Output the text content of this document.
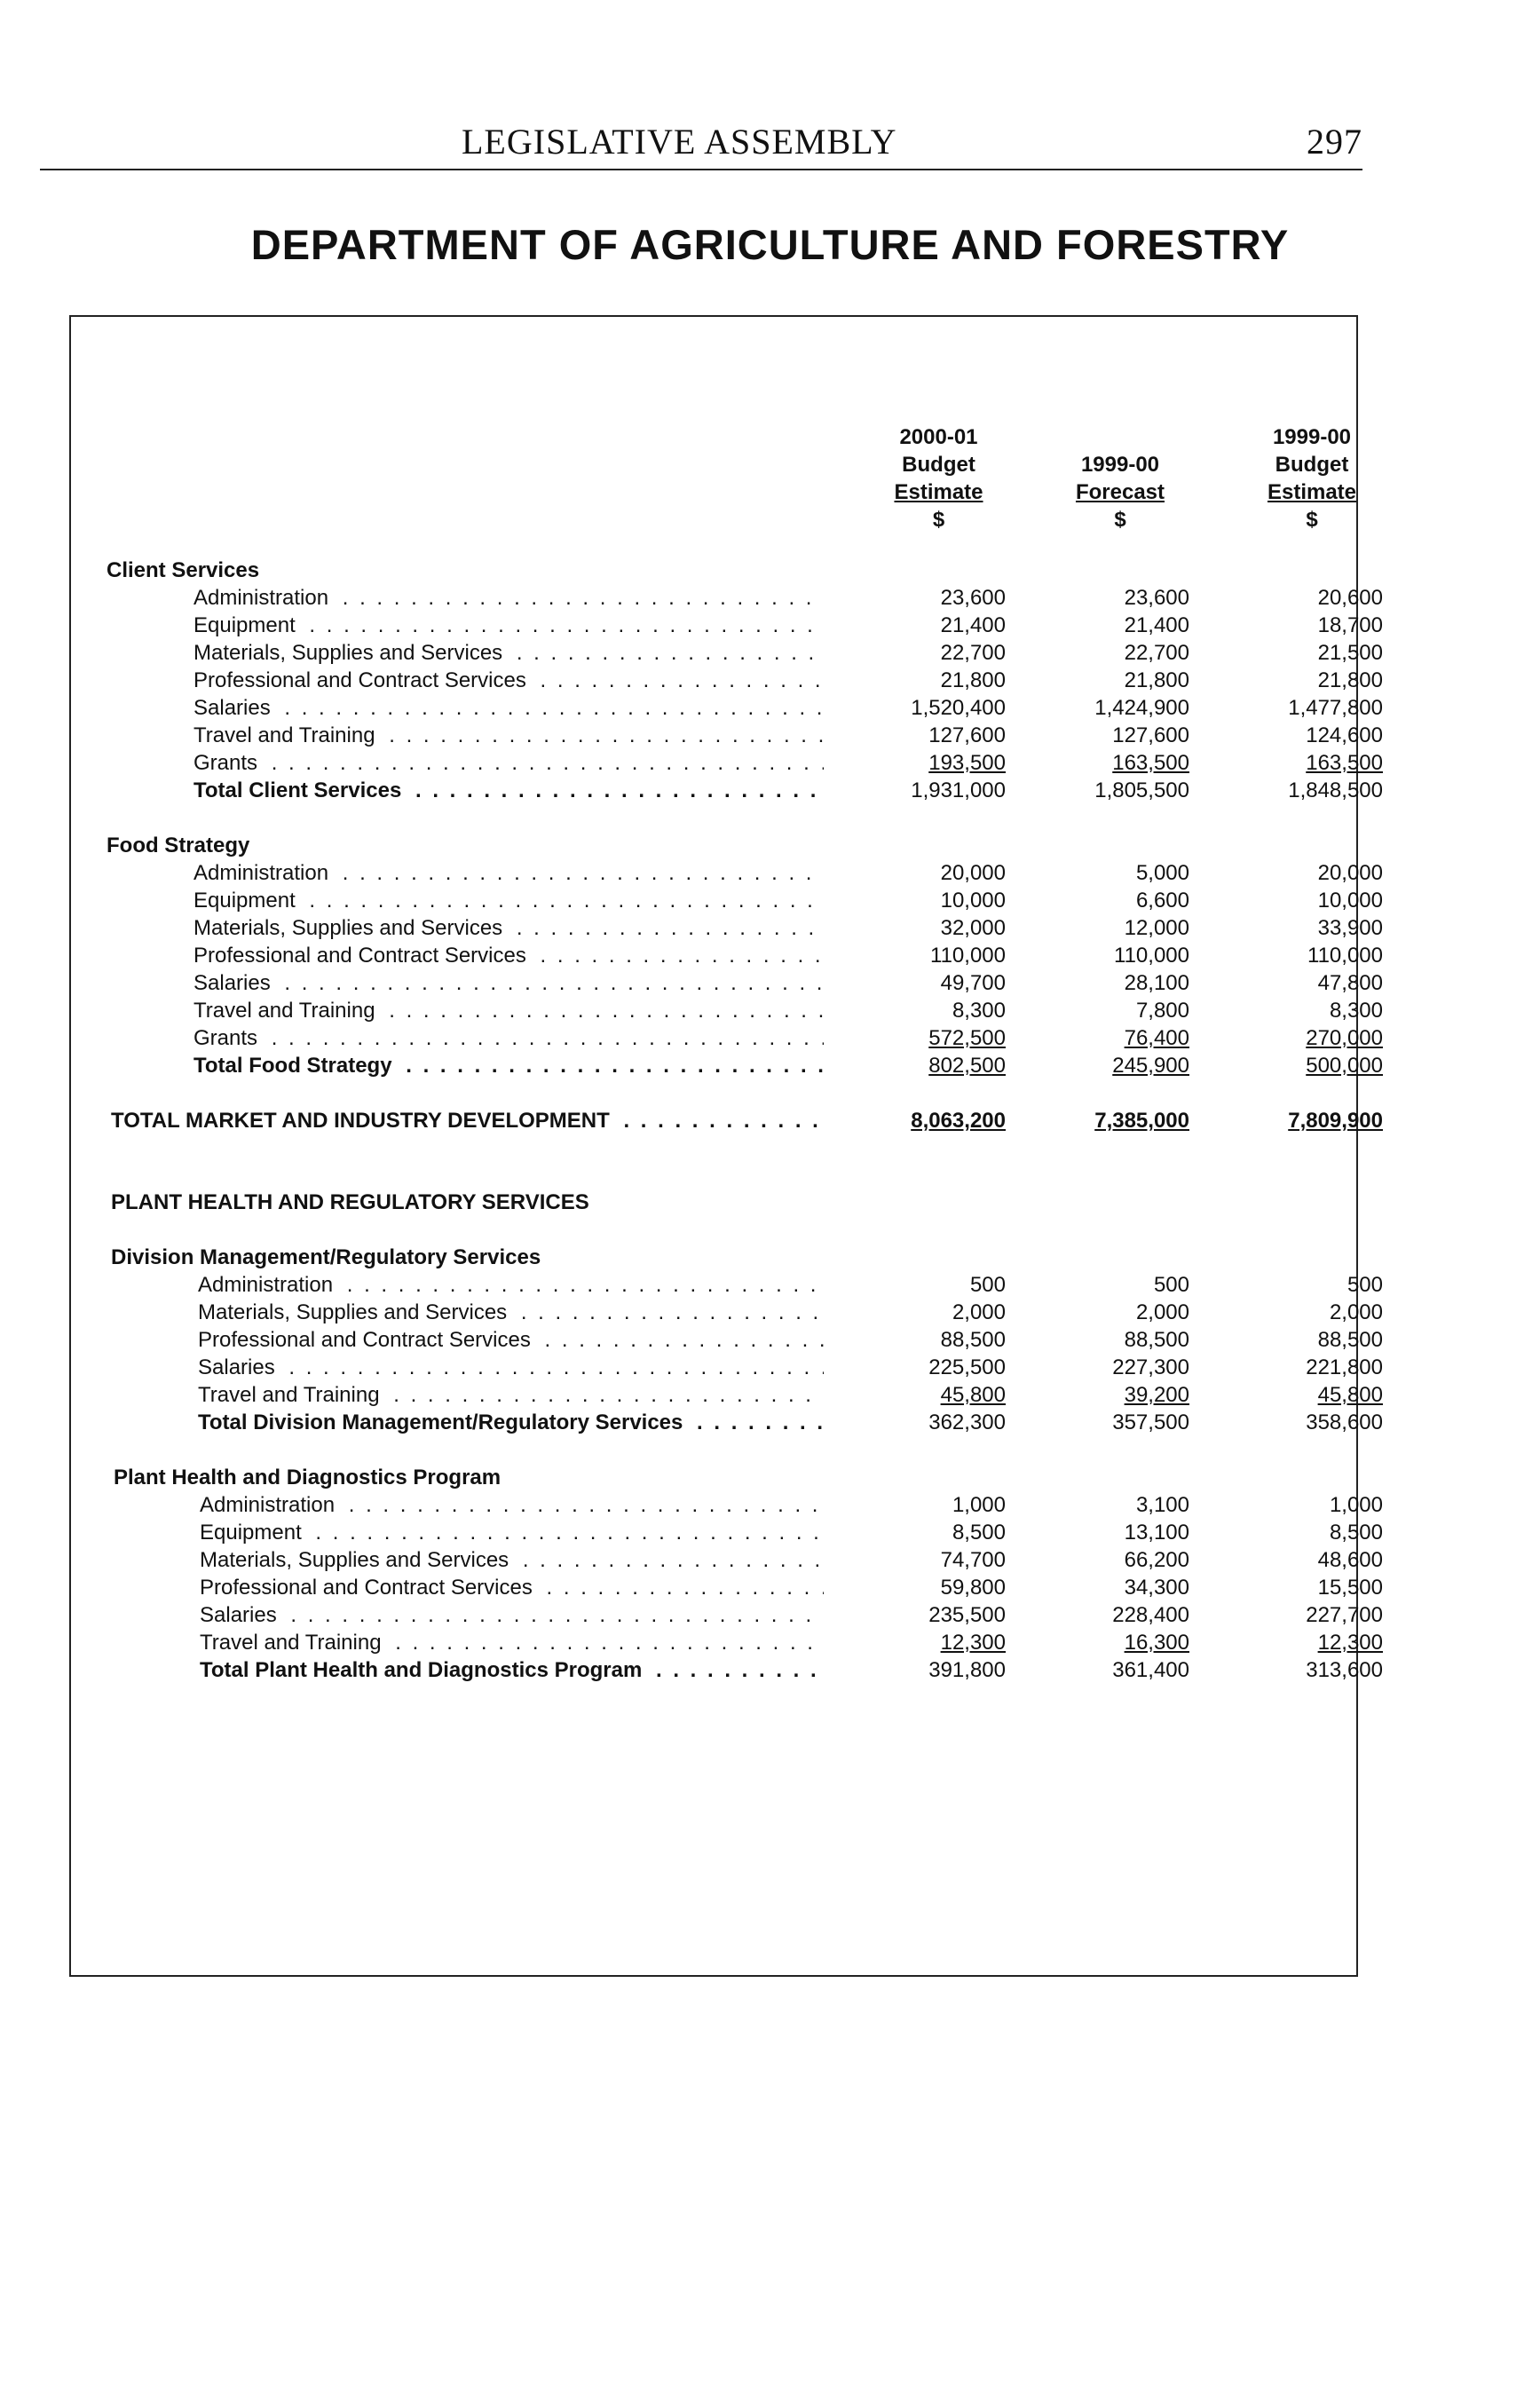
LEGISLATIVE ASSEMBLY	297
DEPARTMENT OF AGRICULTURE AND FORESTRY
2000-01
Budget
Estimate
$

1999-00
Forecast
$
1999-00
Budget
Estimate
$
Client Services
Administration . . .	23,600	23,600	20,600
Equipment . . .	21,400	21,400	18,700
Materials, Supplies and Services . . .	22,700	22,700	21,500
Professional and Contract Services . . .	21,800	21,800	21,800
Salaries . . .	1,520,400	1,424,900	1,477,800
Travel and Training . . .	127,600	127,600	124,600
Grants . . .	193,500	163,500	163,500
Total Client Services . . .	1,931,000	1,805,500	1,848,500
Food Strategy
Administration . . .	20,000	5,000	20,000
Equipment . . .	10,000	6,600	10,000
Materials, Supplies and Services . . .	32,000	12,000	33,900
Professional and Contract Services . . .	110,000	110,000	110,000
Salaries . . .	49,700	28,100	47,800
Travel and Training . . .	8,300	7,800	8,300
Grants . . .	572,500	76,400	270,000
Total Food Strategy . . .	802,500	245,900	500,000
TOTAL MARKET AND INDUSTRY DEVELOPMENT . . .	8,063,200	7,385,000	7,809,900
PLANT HEALTH AND REGULATORY SERVICES
Division Management/Regulatory Services
Administration . . .	500	500	500
Materials, Supplies and Services . . .	2,000	2,000	2,000
Professional and Contract Services . . .	88,500	88,500	88,500
Salaries . . .	225,500	227,300	221,800
Travel and Training . . .	45,800	39,200	45,800
Total Division Management/Regulatory Services . . .	362,300	357,500	358,600
Plant Health and Diagnostics Program
Administration . . .	1,000	3,100	1,000
Equipment . . .	8,500	13,100	8,500
Materials, Supplies and Services . . .	74,700	66,200	48,600
Professional and Contract Services . . .	59,800	34,300	15,500
Salaries . . .	235,500	228,400	227,700
Travel and Training . . .	12,300	16,300	12,300
Total Plant Health and Diagnostics Program . . .	391,800	361,400	313,600
